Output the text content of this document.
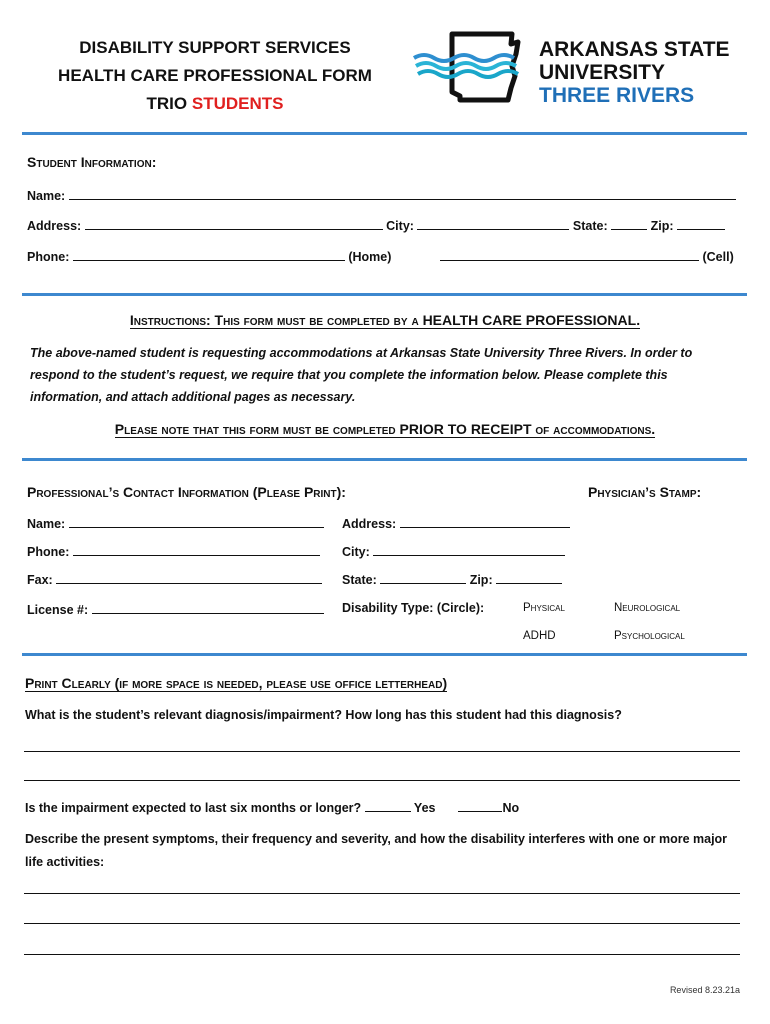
DISABILITY SUPPORT SERVICES
HEALTH CARE PROFESSIONAL FORM
TRIO STUDENTS
ARKANSAS STATE
UNIVERSITY
THREE RIVERS
Student Information:
Name:
Address:	City:	State:	Zip:
Phone:	(Home)	(Cell)
Instructions: This form must be completed by a HEALTH CARE PROFESSIONAL.
The above-named student is requesting accommodations at Arkansas State University Three Rivers. In order to respond to the student’s request, we require that you complete the information below. Please complete this information, and attach additional pages as necessary.
Please note that this form must be completed PRIOR TO RECEIPT of accommodations.
Professional’s Contact Information (Please Print):	Physician’s Stamp:
Name:	Address:
Phone:	City:
Fax:	State:	Zip:
License #:	Disability Type: (Circle):	Physical	Neurological
ADHD	Psychological
Print Clearly (if more space is needed, please use office letterhead)
What is the student’s relevant diagnosis/impairment? How long has this student had this diagnosis?
Is the impairment expected to last six months or longer?	Yes	No
Describe the present symptoms, their frequency and severity, and how the disability interferes with one or more major life activities:
Revised 8.23.21a
